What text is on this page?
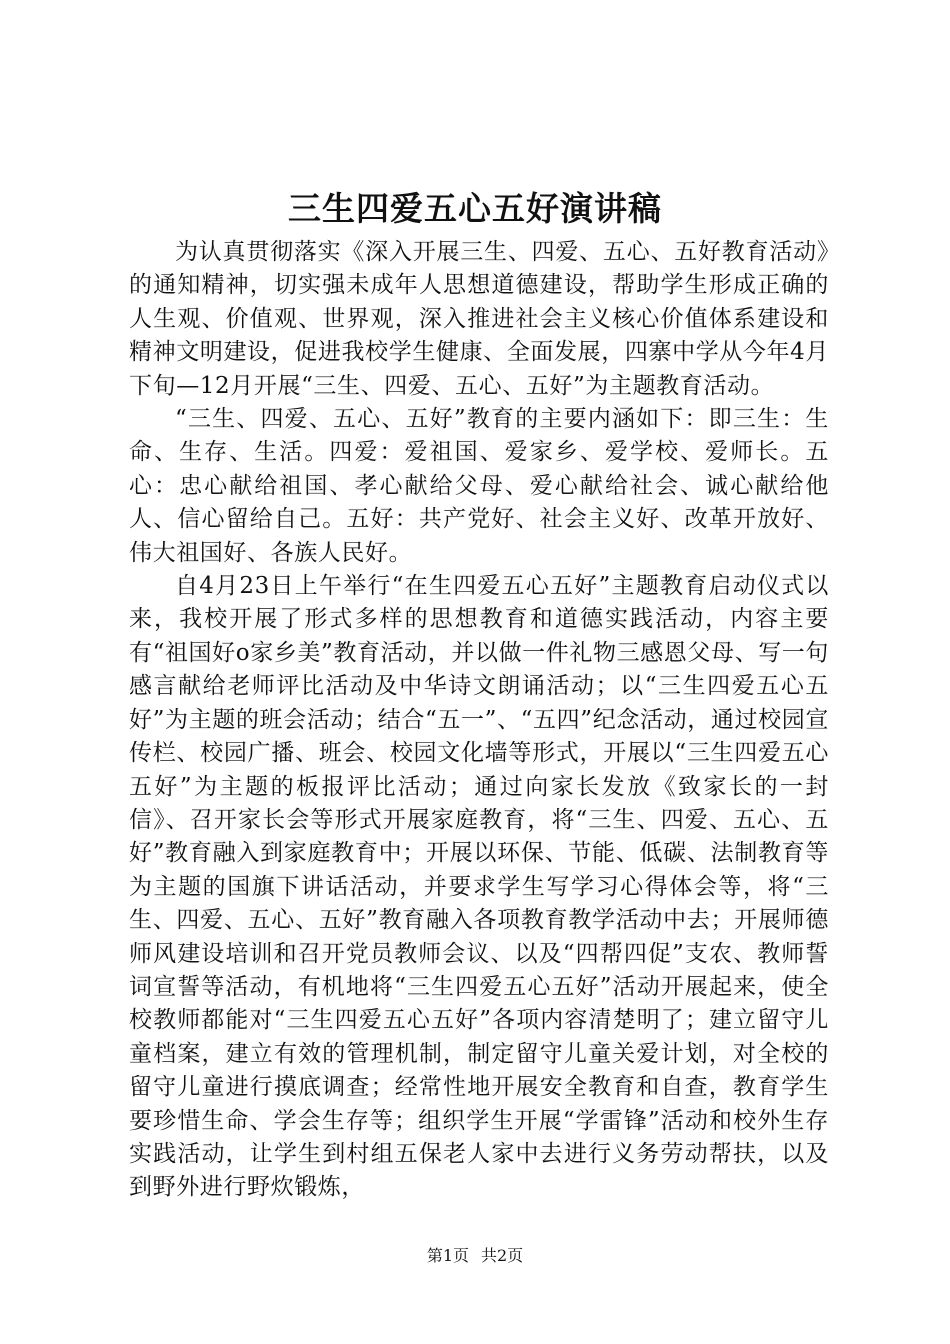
三生四爱五心五好演讲稿

为认真贯彻落实《深入开展三生、四爱、五心、五好教育活动》的通知精神，切实强未成年人思想道德建设，帮助学生形成正确的人生观、价值观、世界观，深入推进社会主义核心价值体系建设和精神文明建设，促进我校学生健康、全面发展，四寨中学从今年4月下旬—12月开展“三生、四爱、五心、五好”为主题教育活动。

“三生、四爱、五心、五好”教育的主要内涵如下：即三生：生命、生存、生活。四爱：爱祖国、爱家乡、爱学校、爱师长。五心：忠心献给祖国、孝心献给父母、爱心献给社会、诚心献给他人、信心留给自己。五好：共产党好、社会主义好、改革开放好、伟大祖国好、各族人民好。

自4月23日上午举行“在生四爱五心五好”主题教育启动仪式以来，我校开展了形式多样的思想教育和道德实践活动，内容主要有“祖国好o家乡美”教育活动，并以做一件礼物三感恩父母、写一句感言献给老师评比活动及中华诗文朗诵活动；以“三生四爱五心五好”为主题的班会活动；结合“五一”、“五四”纪念活动，通过校园宣传栏、校园广播、班会、校园文化墙等形式，开展以“三生四爱五心五好”为主题的板报评比活动；通过向家长发放《致家长的一封信》、召开家长会等形式开展家庭教育，将“三生、四爱、五心、五好”教育融入到家庭教育中；开展以环保、节能、低碳、法制教育等为主题的国旗下讲话活动，并要求学生写学习心得体会等，将“三生、四爱、五心、五好”教育融入各项教育教学活动中去；开展师德师风建设培训和召开党员教师会议、以及“四帮四促”支农、教师誓词宣誓等活动，有机地将“三生四爱五心五好”活动开展起来，使全校教师都能对“三生四爱五心五好”各项内容清楚明了；建立留守儿童档案，建立有效的管理机制，制定留守儿童关爱计划，对全校的留守儿童进行摸底调查；经常性地开展安全教育和自查，教育学生要珍惜生命、学会生存等；组织学生开展“学雷锋”活动和校外生存实践活动，让学生到村组五保老人家中去进行义务劳动帮扶，以及到野外进行野炊锻炼，

第1页 共2页
